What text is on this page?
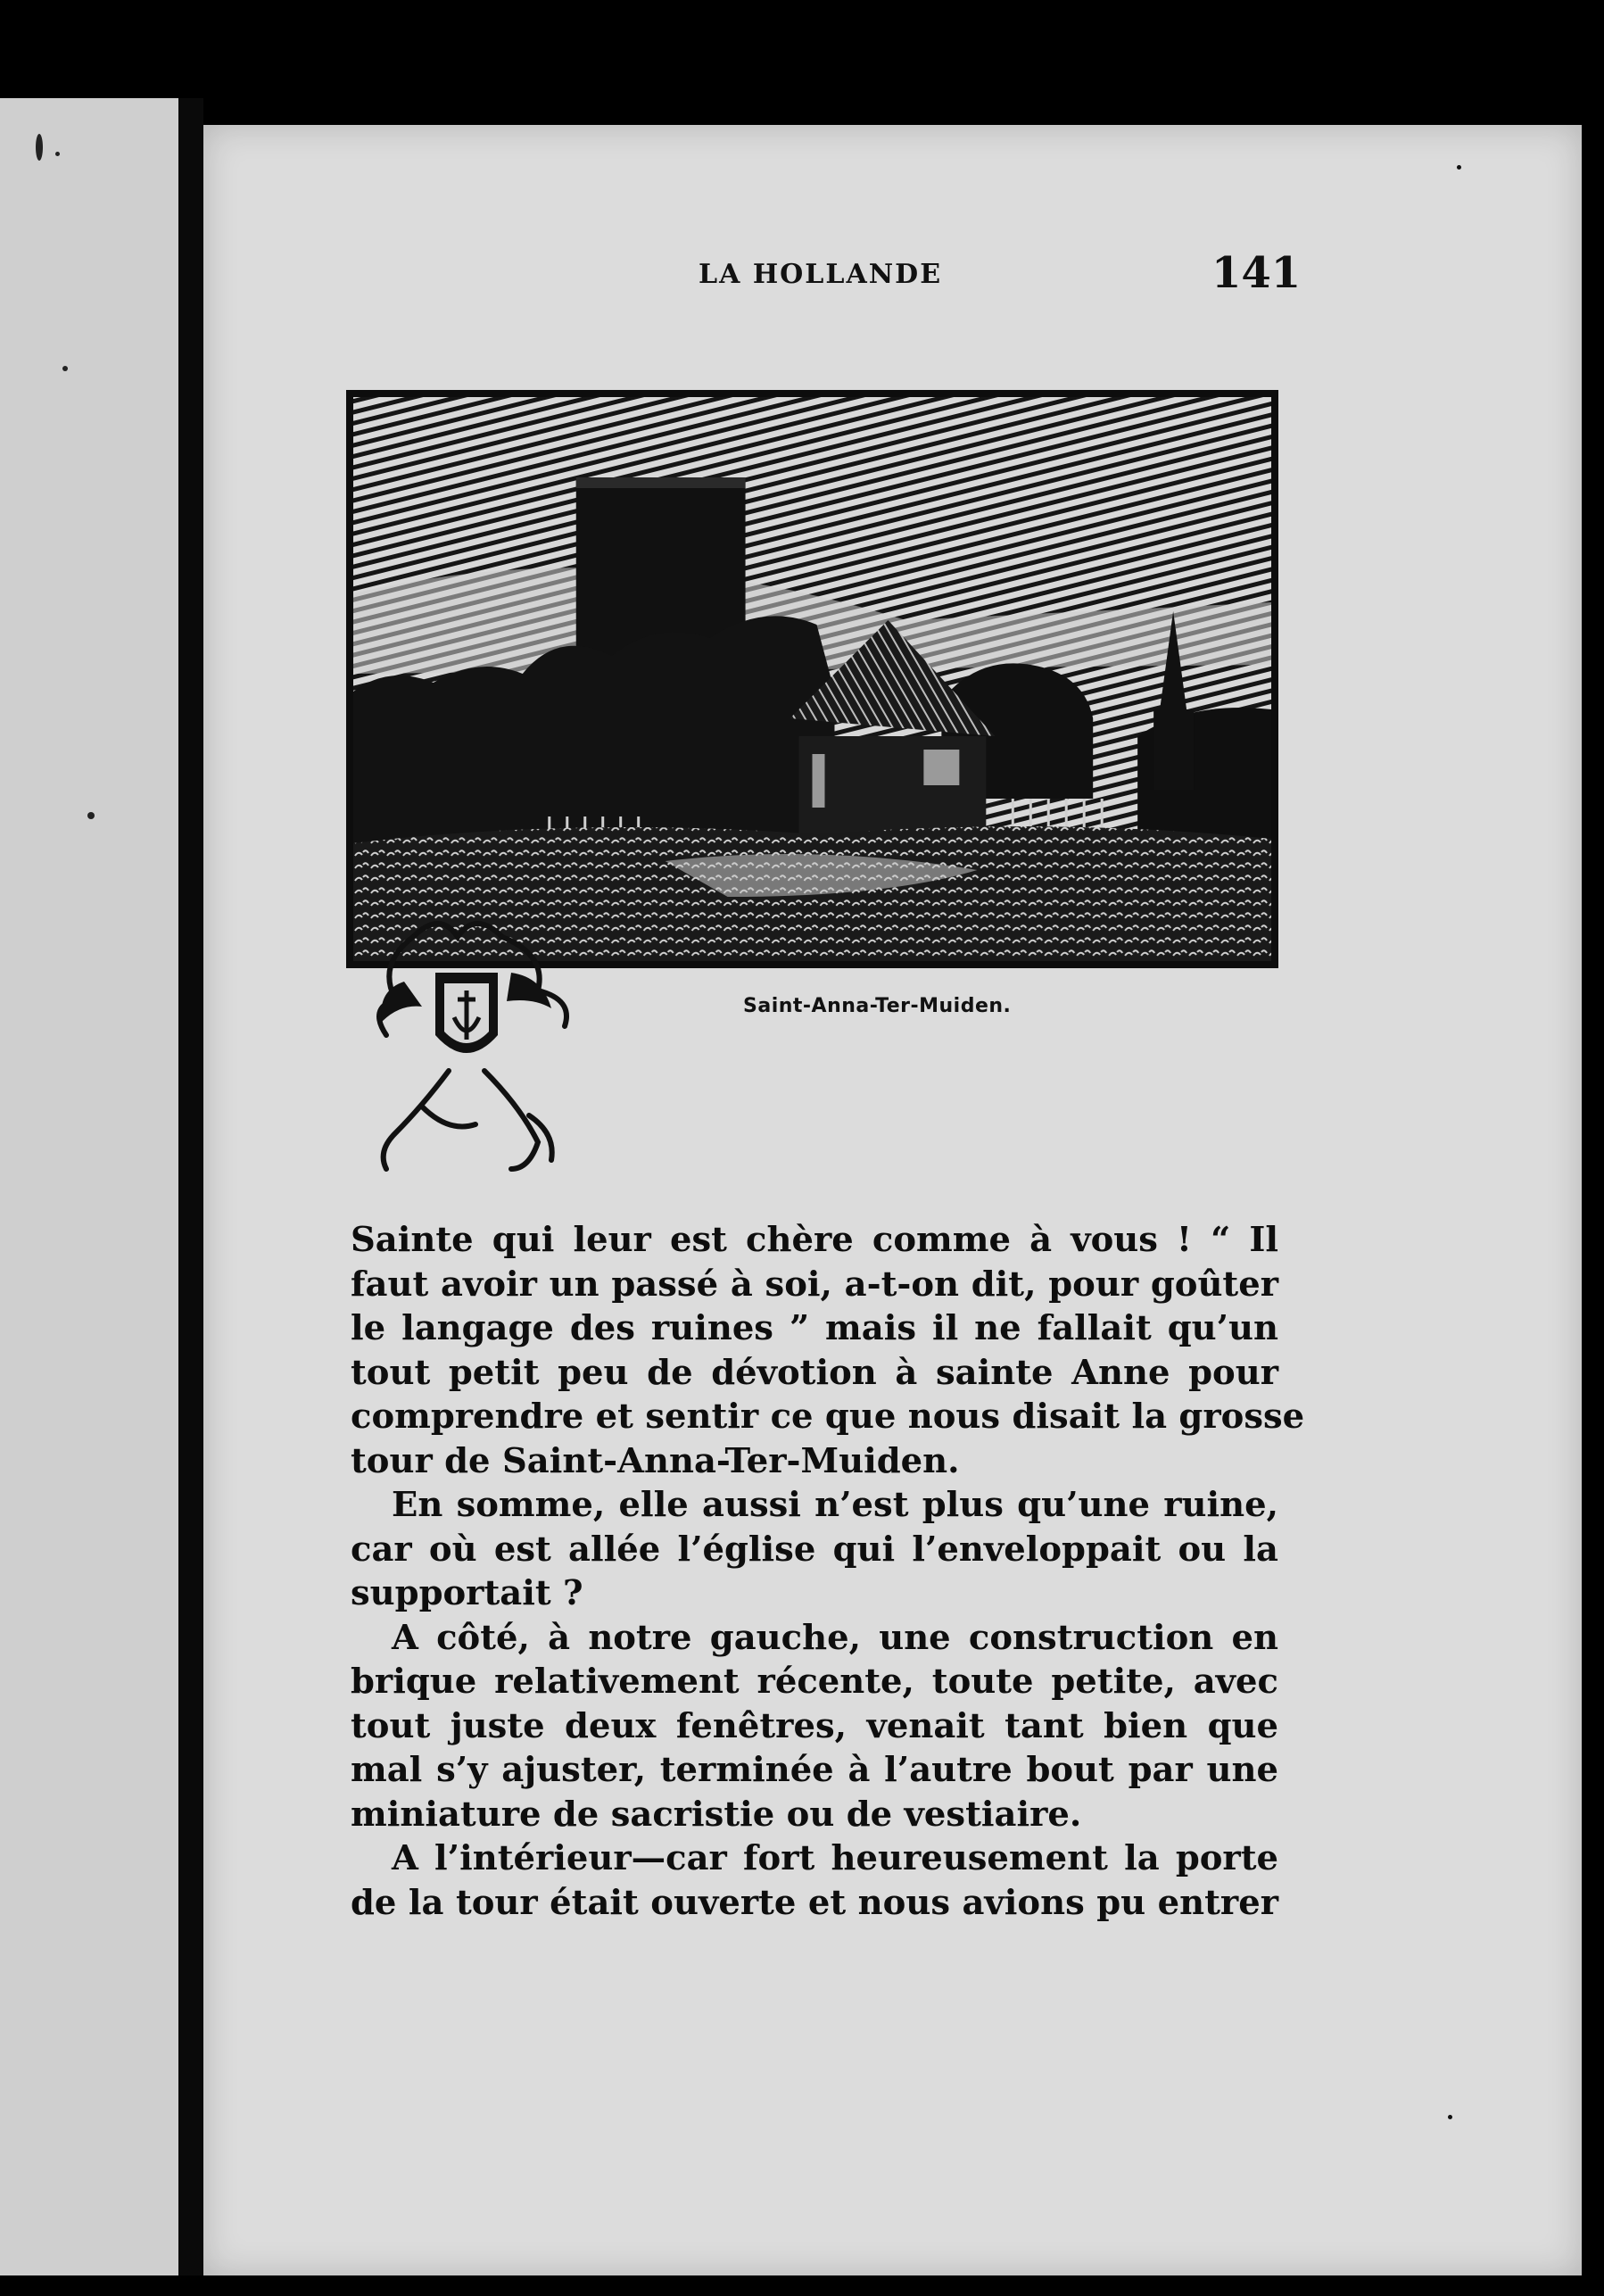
LA HOLLANDE	141
Saint-Anna-Ter-Muiden.

Sainte qui leur est chère comme à vous ! “ Il
faut avoir un passé à soi, a-t-on dit, pour goûter
le langage des ruines ” mais il ne fallait qu’un
tout petit peu de dévotion à sainte Anne pour
comprendre et sentir ce que nous disait la grosse
tour de Saint-Anna-Ter-Muiden.

En somme, elle aussi n’est plus qu’une ruine,
car où est allée l’église qui l’enveloppait ou la
supportait ?

A côté, à notre gauche, une construction en
brique relativement récente, toute petite, avec
tout juste deux fenêtres, venait tant bien que
mal s’y ajuster, terminée à l’autre bout par une
miniature de sacristie ou de vestiaire.

A l’intérieur—car fort heureusement la porte
de la tour était ouverte et nous avions pu entrer
